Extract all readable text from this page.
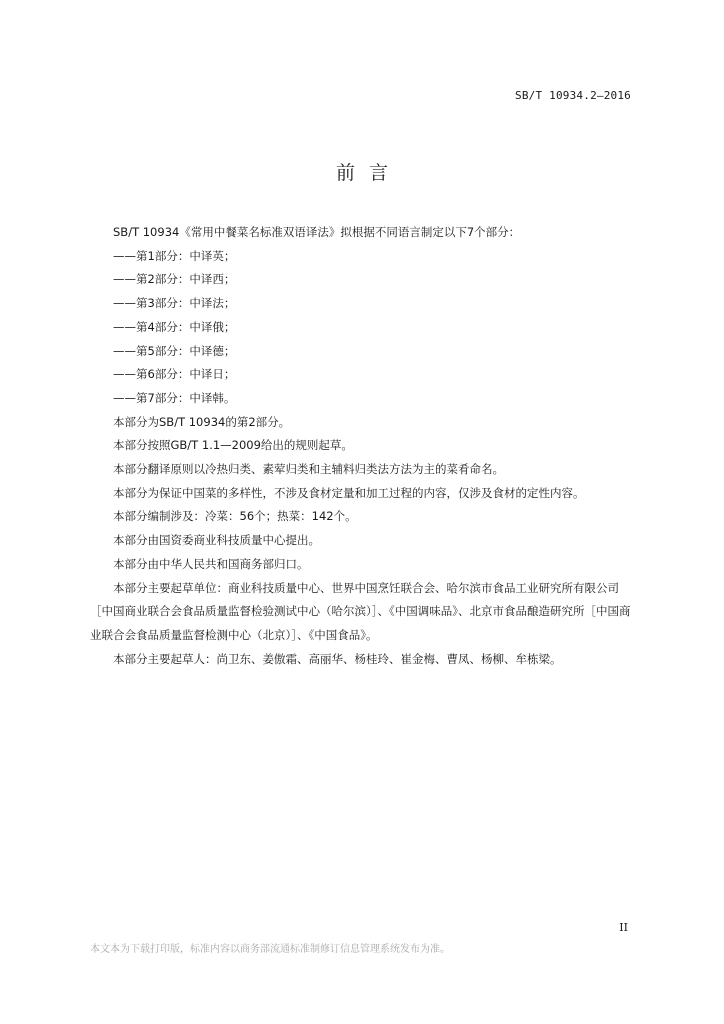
SB/T 10934.2—2016
前言

SB/T 10934《常用中餐菜名标准双语译法》拟根据不同语言制定以下7个部分：

——第1部分：中译英；

——第2部分：中译西；

——第3部分：中译法；

——第4部分：中译俄；

——第5部分：中译德；

——第6部分：中译日；

——第7部分：中译韩。

本部分为SB/T 10934的第2部分。

本部分按照GB/T 1.1—2009给出的规则起草。

本部分翻译原则以冷热归类、素荤归类和主辅料归类法方法为主的菜肴命名。

本部分为保证中国菜的多样性，不涉及食材定量和加工过程的内容，仅涉及食材的定性内容。

本部分编制涉及：冷菜：56个；热菜：142个。

本部分由国资委商业科技质量中心提出。

本部分由中华人民共和国商务部归口。

本部分主要起草单位：商业科技质量中心、世界中国烹饪联合会、哈尔滨市食品工业研究所有限公司［中国商业联合会食品质量监督检验测试中心（哈尔滨）］、《中国调味品》、北京市食品酿造研究所［中国商业联合会食品质量监督检测中心（北京）］、《中国食品》。

本部分主要起草人：尚卫东、姜傲霜、高丽华、杨桂玲、崔金梅、曹凤、杨柳、牟栋梁。

II
本文本为下载打印版，标准内容以商务部流通标准制修订信息管理系统发布为准。
